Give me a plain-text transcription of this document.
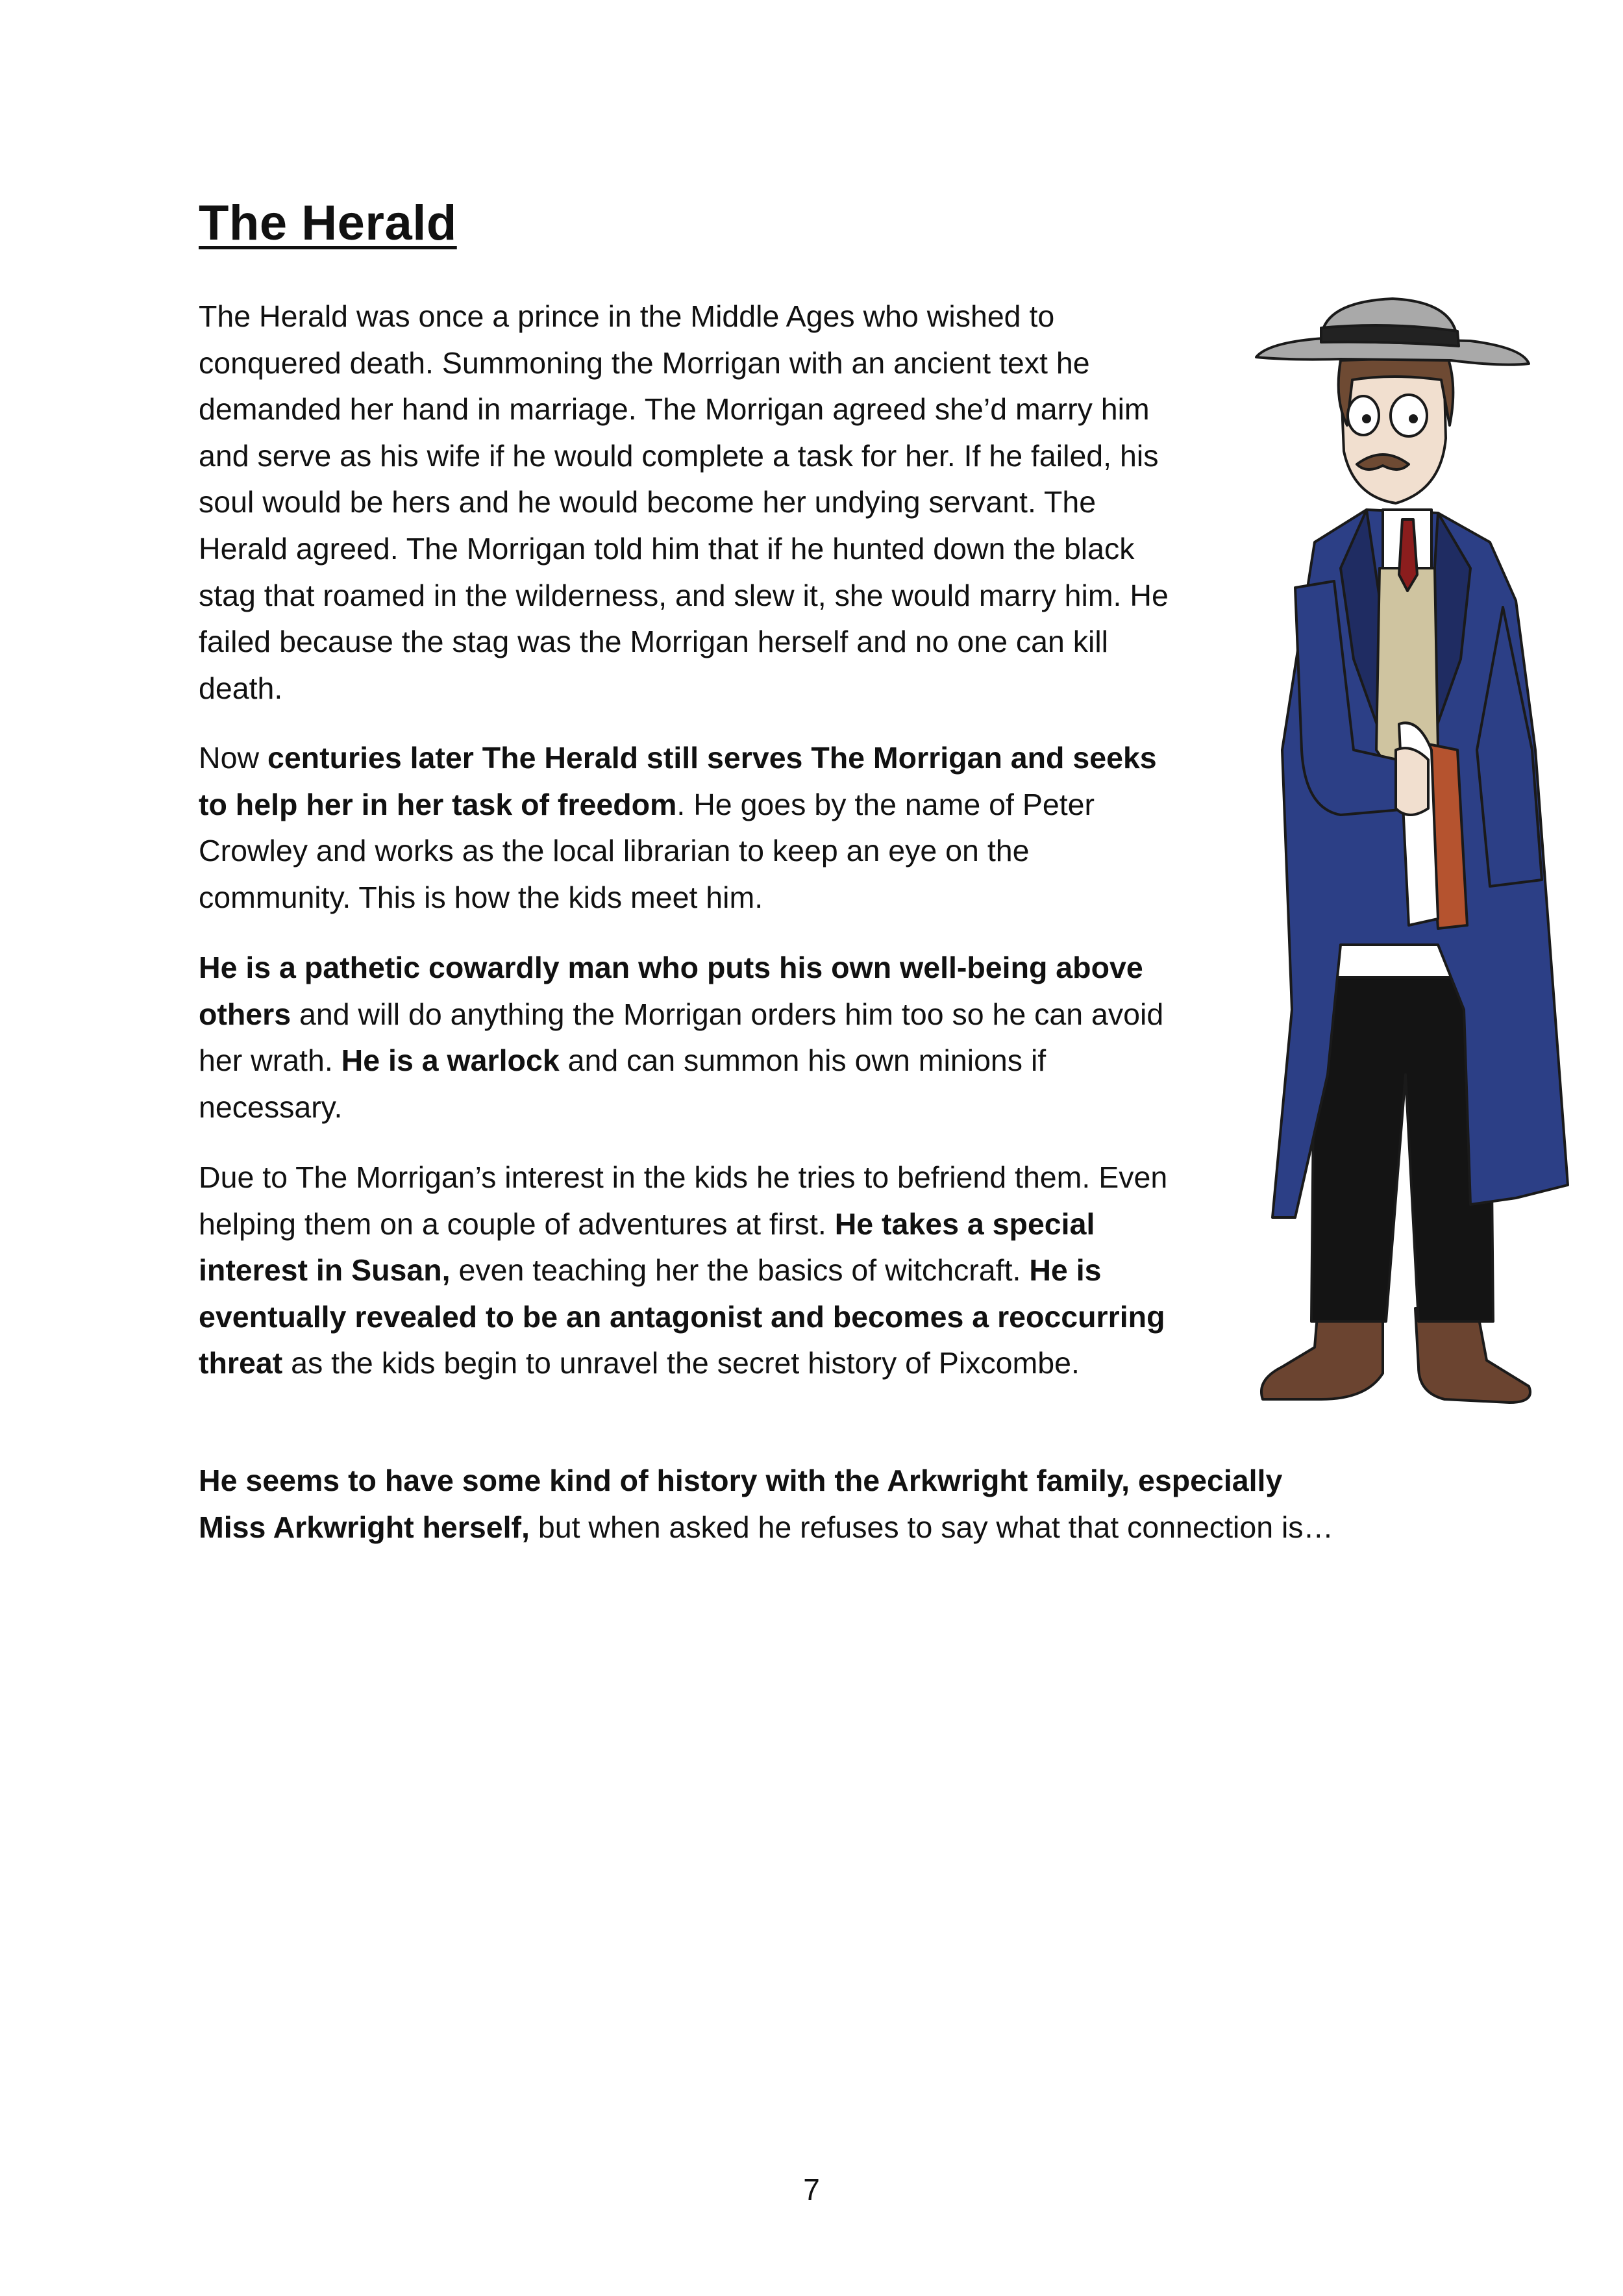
The Herald

The Herald was once a prince in the Middle Ages who wished to conquered death. Summoning the Morrigan with an ancient text he demanded her hand in marriage. The Morrigan agreed she’d marry him and serve as his wife if he would complete a task for her. If he failed, his soul would be hers and he would become her undying servant. The Herald agreed. The Morrigan told him that if he hunted down the black stag that roamed in the wilderness, and slew it, she would marry him. He failed because the stag was the Morrigan herself and no one can kill death.

Now centuries later The Herald still serves The Morrigan and seeks to help her in her task of freedom. He goes by the name of Peter Crowley and works as the local librarian to keep an eye on the community. This is how the kids meet him.

He is a pathetic cowardly man who puts his own well-being above others and will do anything the Morrigan orders him too so he can avoid her wrath. He is a warlock and can summon his own minions if necessary.

Due to The Morrigan’s interest in the kids he tries to befriend them. Even helping them on a couple of adventures at first. He takes a special interest in Susan, even teaching her the basics of witchcraft. He is eventually revealed to be an antagonist and becomes a reoccurring threat as the kids begin to unravel the secret history of Pixcombe.

He seems to have some kind of history with the Arkwright family, especially Miss Arkwright herself, but when asked he refuses to say what that connection is…

7
